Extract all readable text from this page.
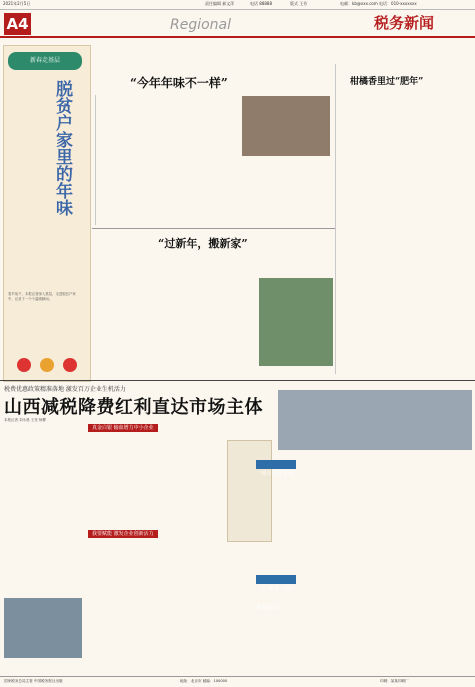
2021年2月5日	责任编辑 郝文萍	电话 88888	版式 王芳	电邮：kb@xxx.com 电话：010-xxxxxxx
A4	Regional	税务新闻
新春走基层
脱贫户家里的年味
春节前夕，本报记者深入基层，走进脱贫户家中，记录下一个个温暖瞬间。
“今年年味不一样”	柑橘香里过“肥年”
“过新年，搬新家”
税费优惠政策精准落地 激发百万企业生机活力
山西减税降费红利直达市场主体
本报记者 刘永晨 王莹 杨柳
真金白银 输血增力中小企业
我要赋能 激发企业创新活力
“税月同行”护航
上门服务 文旅行业重返活力
国家税务总局主管 中国税务报社出版	地址：北京市 邮编：100000	印刷：某某印刷厂
